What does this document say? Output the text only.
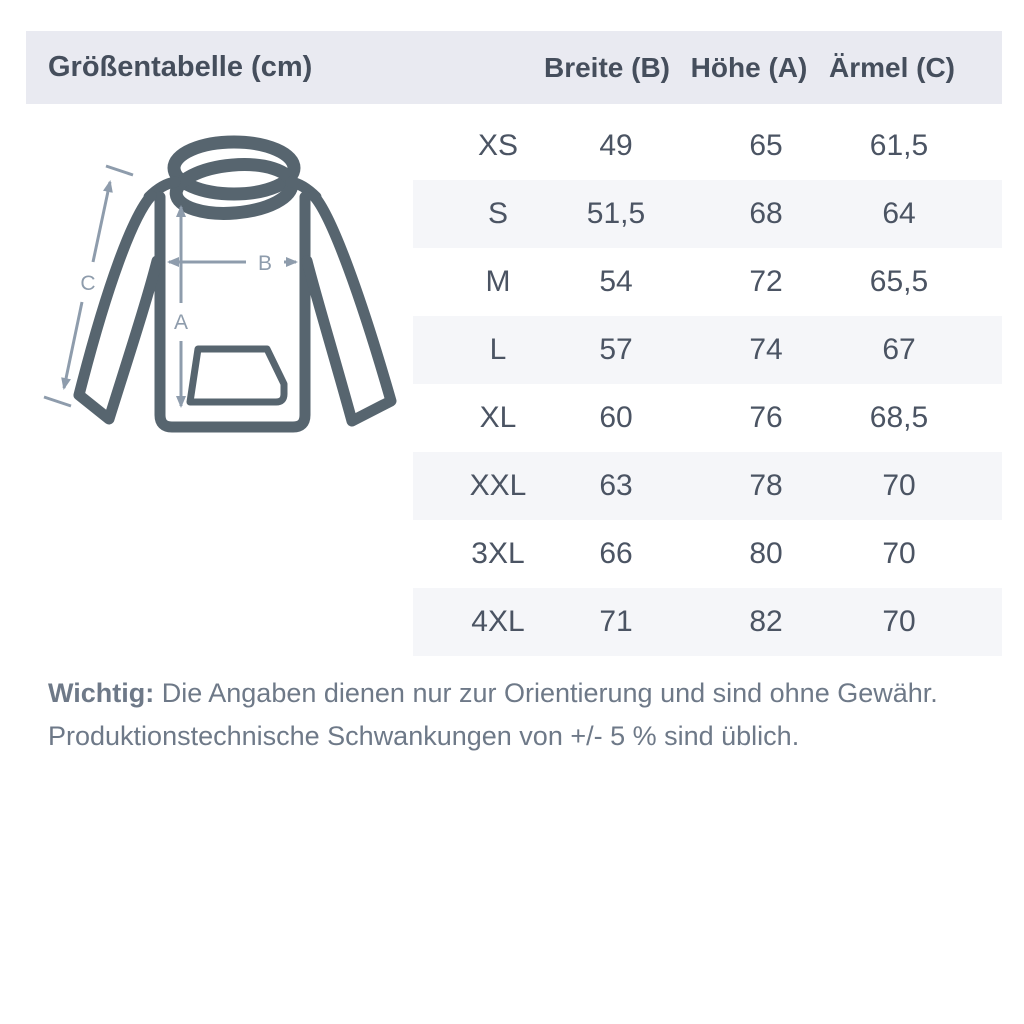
Größentabelle (cm)	Breite (B) Höhe (A) Ärmel (C)
A
B
C
XS	49	65	61,5
S	51,5	68	64
M	54	72	65,5
L	57	74	67
XL	60	76	68,5
XXL 63	78	70
3XL 66	80	70
4XL 71	82	70
Wichtig: Die Angaben dienen nur zur Orientierung und sind ohne Gewähr.
Produktionstechnische Schwankungen von +/- 5 % sind üblich.
